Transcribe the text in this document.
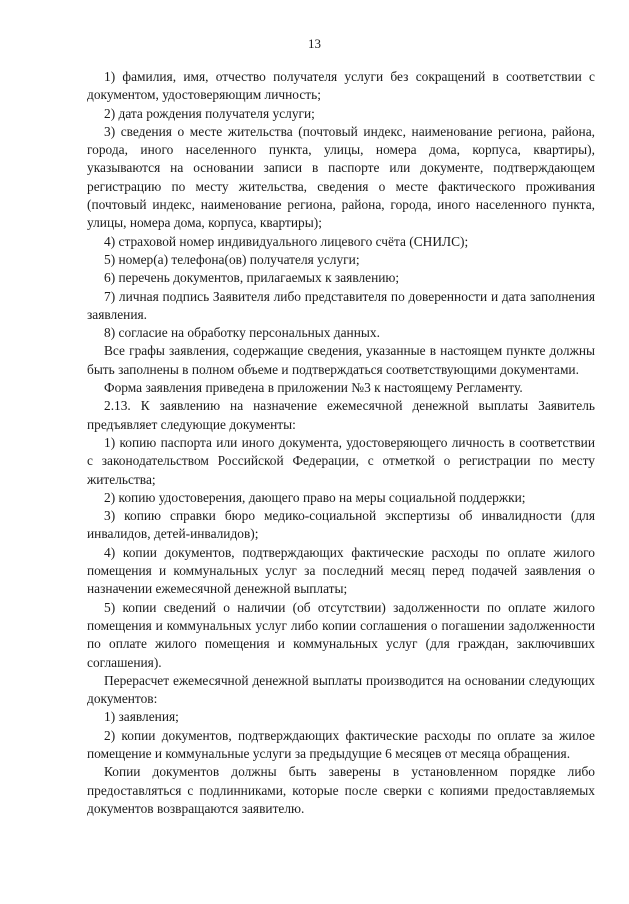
13

1) фамилия, имя, отчество получателя услуги без сокращений в соответствии с документом, удостоверяющим личность;

2) дата рождения получателя услуги;

3) сведения о месте жительства (почтовый индекс, наименование региона, района, города, иного населенного пункта, улицы, номера дома, корпуса, квартиры), указываются на основании записи в паспорте или документе, подтверждающем регистрацию по месту жительства, сведения о месте фактического проживания (почтовый индекс, наименование региона, района, города, иного населенного пункта, улицы, номера дома, корпуса, квартиры);

4) страховой номер индивидуального лицевого счёта (СНИЛС);

5) номер(а) телефона(ов) получателя услуги;

6) перечень документов, прилагаемых к заявлению;

7) личная подпись Заявителя либо представителя по доверенности и дата заполнения заявления.

8) согласие на обработку персональных данных.

Все графы заявления, содержащие сведения, указанные в настоящем пункте должны быть заполнены в полном объеме и подтверждаться соответствующими документами.

Форма заявления приведена в приложении №3 к настоящему Регламенту.

2.13. К заявлению на назначение ежемесячной денежной выплаты Заявитель предъявляет следующие документы:

1) копию паспорта или иного документа, удостоверяющего личность в соответствии с законодательством Российской Федерации, с отметкой о регистрации по месту жительства;

2) копию удостоверения, дающего право на меры социальной поддержки;

3) копию справки бюро медико-социальной экспертизы об инвалидности (для инвалидов, детей-инвалидов);

4) копии документов, подтверждающих фактические расходы по оплате жилого помещения и коммунальных услуг за последний месяц перед подачей заявления о назначении ежемесячной денежной выплаты;

5) копии сведений о наличии (об отсутствии) задолженности по оплате жилого помещения и коммунальных услуг либо копии соглашения о погашении задолженности по оплате жилого помещения и коммунальных услуг (для граждан, заключивших соглашения).

Перерасчет ежемесячной денежной выплаты производится на основании следующих документов:

1) заявления;

2) копии документов, подтверждающих фактические расходы по оплате за жилое помещение и коммунальные услуги за предыдущие 6 месяцев от месяца обращения.

Копии документов должны быть заверены в установленном порядке либо предоставляться с подлинниками, которые после сверки с копиями предоставляемых документов возвращаются заявителю.
